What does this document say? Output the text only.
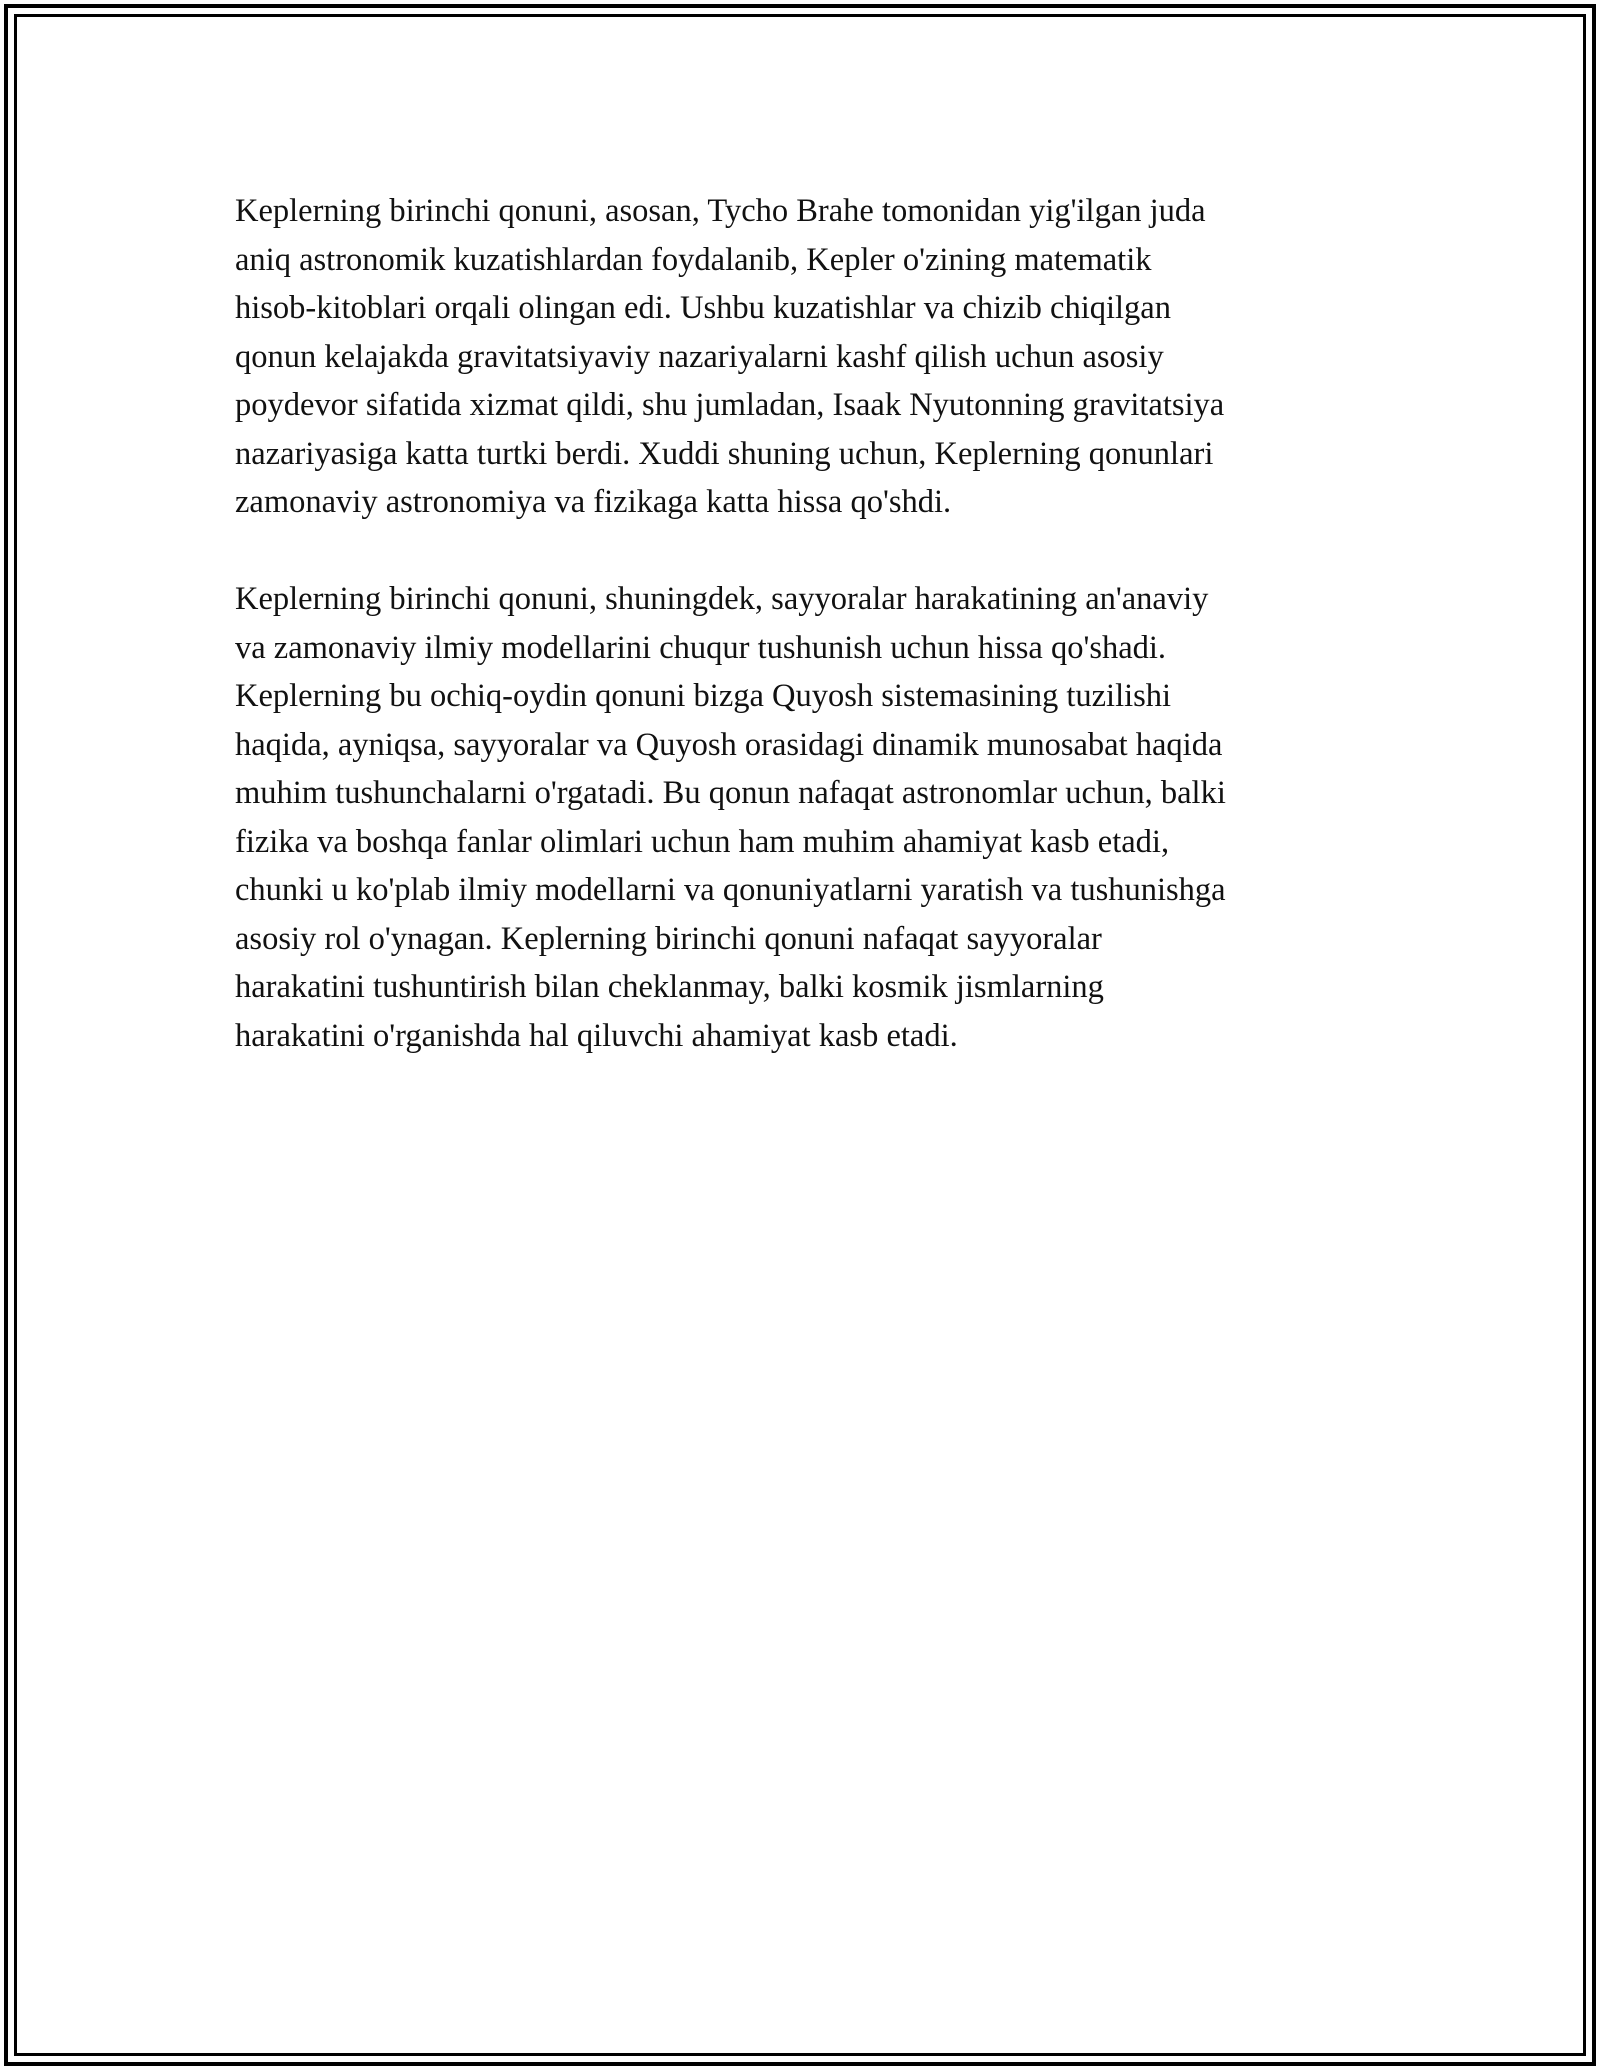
Keplerning birinchi qonuni, asosan, Tycho Brahe tomonidan yig'ilgan juda
aniq astronomik kuzatishlardan foydalanib, Kepler o'zining matematik
hisob-kitoblari orqali olingan edi. Ushbu kuzatishlar va chizib chiqilgan
qonun kelajakda gravitatsiyaviy nazariyalarni kashf qilish uchun asosiy
poydevor sifatida xizmat qildi, shu jumladan, Isaak Nyutonning gravitatsiya
nazariyasiga katta turtki berdi. Xuddi shuning uchun, Keplerning qonunlari
zamonaviy astronomiya va fizikaga katta hissa qo'shdi.

Keplerning birinchi qonuni, shuningdek, sayyoralar harakatining an'anaviy
va zamonaviy ilmiy modellarini chuqur tushunish uchun hissa qo'shadi.
Keplerning bu ochiq-oydin qonuni bizga Quyosh sistemasining tuzilishi
haqida, ayniqsa, sayyoralar va Quyosh orasidagi dinamik munosabat haqida
muhim tushunchalarni o'rgatadi. Bu qonun nafaqat astronomlar uchun, balki
fizika va boshqa fanlar olimlari uchun ham muhim ahamiyat kasb etadi,
chunki u ko'plab ilmiy modellarni va qonuniyatlarni yaratish va tushunishga
asosiy rol o'ynagan. Keplerning birinchi qonuni nafaqat sayyoralar
harakatini tushuntirish bilan cheklanmay, balki kosmik jismlarning
harakatini o'rganishda hal qiluvchi ahamiyat kasb etadi.
